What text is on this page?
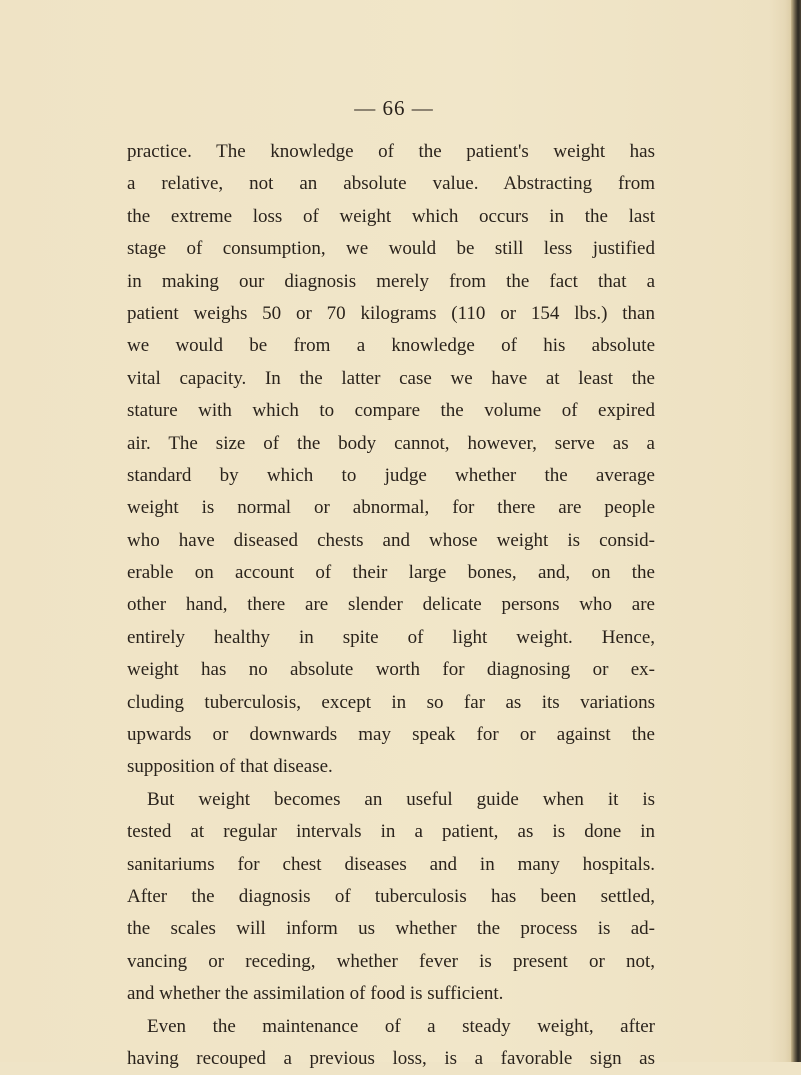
— 66 —
practice. The knowledge of the patient's weight has
a relative, not an absolute value. Abstracting from
the extreme loss of weight which occurs in the last
stage of consumption, we would be still less justified
in making our diagnosis merely from the fact that a
patient weighs 50 or 70 kilograms (110 or 154 lbs.) than
we would be from a knowledge of his absolute
vital capacity. In the latter case we have at least the
stature with which to compare the volume of expired
air. The size of the body cannot, however, serve as a
standard by which to judge whether the average
weight is normal or abnormal, for there are people
who have diseased chests and whose weight is consid-
erable on account of their large bones, and, on the
other hand, there are slender delicate persons who are
entirely healthy in spite of light weight. Hence,
weight has no absolute worth for diagnosing or ex-
cluding tuberculosis, except in so far as its variations
upwards or downwards may speak for or against the
supposition of that disease.
But weight becomes an useful guide when it is
tested at regular intervals in a patient, as is done in
sanitariums for chest diseases and in many hospitals.
After the diagnosis of tuberculosis has been settled,
the scales will inform us whether the process is ad-
vancing or receding, whether fever is present or not,
and whether the assimilation of food is sufficient.
Even the maintenance of a steady weight, after
having recouped a previous loss, is a favorable sign as
